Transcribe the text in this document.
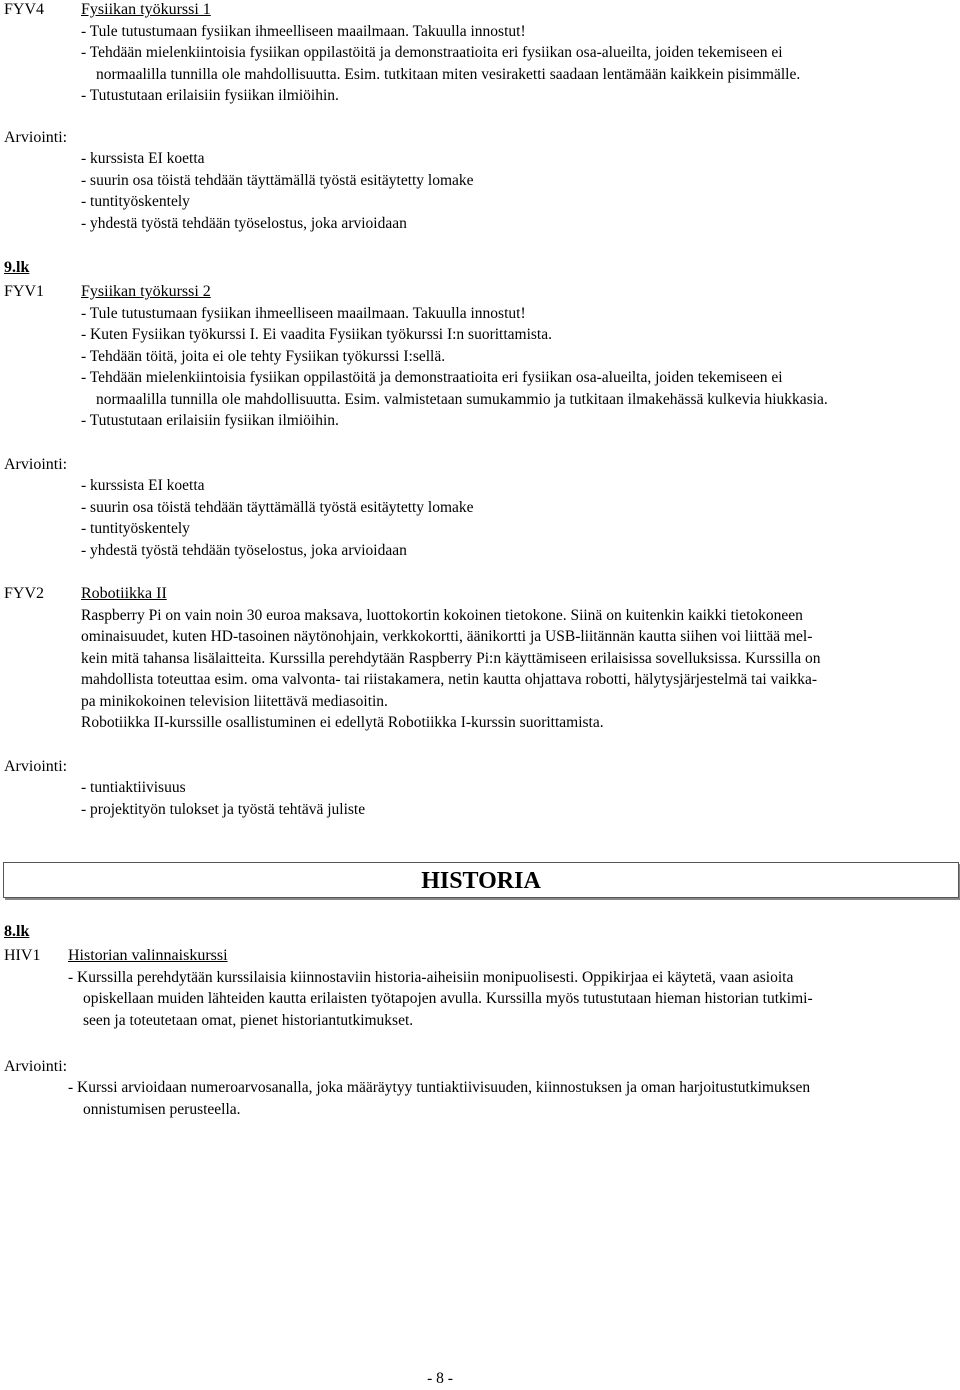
FYV4 Fysiikan työkurssi 1
- Tule tutustumaan fysiikan ihmeelliseen maailmaan. Takuulla innostut!
- Tehdään mielenkiintoisia fysiikan oppilastöitä ja demonstraatioita eri fysiikan osa-alueilta, joiden tekemiseen ei
normaalilla tunnilla ole mahdollisuutta. Esim. tutkitaan miten vesiraketti saadaan lentämään kaikkein pisimmälle.
- Tutustutaan erilaisiin fysiikan ilmiöihin.
Arviointi:
- kurssista EI koetta
- suurin osa töistä tehdään täyttämällä työstä esitäytetty lomake
- tuntityöskentely
- yhdestä työstä tehdään työselostus, joka arvioidaan
9.lk
FYV1 Fysiikan työkurssi 2
- Tule tutustumaan fysiikan ihmeelliseen maailmaan. Takuulla innostut!
- Kuten Fysiikan työkurssi I. Ei vaadita Fysiikan työkurssi I:n suorittamista.
- Tehdään töitä, joita ei ole tehty Fysiikan työkurssi I:sellä.
- Tehdään mielenkiintoisia fysiikan oppilastöitä ja demonstraatioita eri fysiikan osa-alueilta, joiden tekemiseen ei
normaalilla tunnilla ole mahdollisuutta. Esim. valmistetaan sumukammio ja tutkitaan ilmakehässä kulkevia hiukkasia.
- Tutustutaan erilaisiin fysiikan ilmiöihin.
Arviointi:
- kurssista EI koetta
- suurin osa töistä tehdään täyttämällä työstä esitäytetty lomake
- tuntityöskentely
- yhdestä työstä tehdään työselostus, joka arvioidaan
FYV2 Robotiikka II
Raspberry Pi on vain noin 30 euroa maksava, luottokortin kokoinen tietokone. Siinä on kuitenkin kaikki tietokoneen
ominaisuudet, kuten HD-tasoinen näytönohjain, verkkokortti, äänikortti ja USB-liitännän kautta siihen voi liittää mel-
kein mitä tahansa lisälaitteita. Kurssilla perehdytään Raspberry Pi:n käyttämiseen erilaisissa sovelluksissa. Kurssilla on
mahdollista toteuttaa esim. oma valvonta- tai riistakamera, netin kautta ohjattava robotti, hälytysjärjestelmä tai vaikka-
pa minikokoinen television liitettävä mediasoitin.
Robotiikka II-kurssille osallistuminen ei edellytä Robotiikka I-kurssin suorittamista.
Arviointi:
- tuntiaktiivisuus
- projektityön tulokset ja työstä tehtävä juliste
HISTORIA
8.lk
HIV1 Historian valinnaiskurssi
- Kurssilla perehdytään kurssilaisia kiinnostaviin historia-aiheisiin monipuolisesti. Oppikirjaa ei käytetä, vaan asioita
opiskellaan muiden lähteiden kautta erilaisten työtapojen avulla. Kurssilla myös tutustutaan hieman historian tutkimi-
seen ja toteutetaan omat, pienet historiantutkimukset.
Arviointi:
- Kurssi arvioidaan numeroarvosanalla, joka määräytyy tuntiaktiivisuuden, kiinnostuksen ja oman harjoitustutkimuksen
onnistumisen perusteella.
- 8 -
